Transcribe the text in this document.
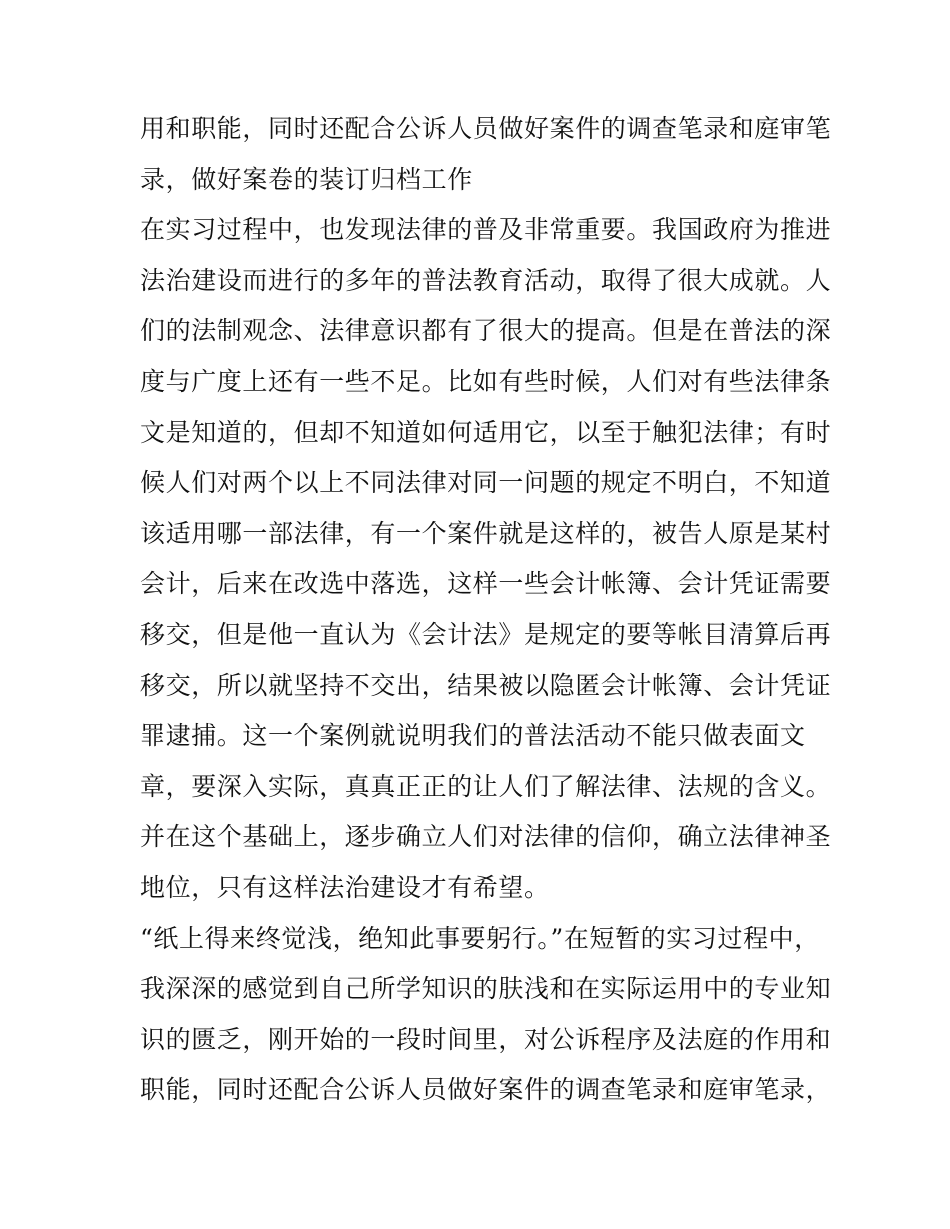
用和职能，同时还配合公诉人员做好案件的调查笔录和庭审笔
录，做好案卷的装订归档工作
在实习过程中，也发现法律的普及非常重要。我国政府为推进
法治建设而进行的多年的普法教育活动，取得了很大成就。人
们的法制观念、法律意识都有了很大的提高。但是在普法的深
度与广度上还有一些不足。比如有些时候，人们对有些法律条
文是知道的，但却不知道如何适用它，以至于触犯法律；有时
候人们对两个以上不同法律对同一问题的规定不明白，不知道
该适用哪一部法律，有一个案件就是这样的，被告人原是某村
会计，后来在改选中落选，这样一些会计帐簿、会计凭证需要
移交，但是他一直认为《会计法》是规定的要等帐目清算后再
移交，所以就坚持不交出，结果被以隐匿会计帐簿、会计凭证
罪逮捕。这一个案例就说明我们的普法活动不能只做表面文
章，要深入实际，真真正正的让人们了解法律、法规的含义。
并在这个基础上，逐步确立人们对法律的信仰，确立法律神圣
地位，只有这样法治建设才有希望。
“纸上得来终觉浅，绝知此事要躬行。”在短暂的实习过程中，
我深深的感觉到自己所学知识的肤浅和在实际运用中的专业知
识的匮乏，刚开始的一段时间里，对公诉程序及法庭的作用和
职能，同时还配合公诉人员做好案件的调查笔录和庭审笔录，
